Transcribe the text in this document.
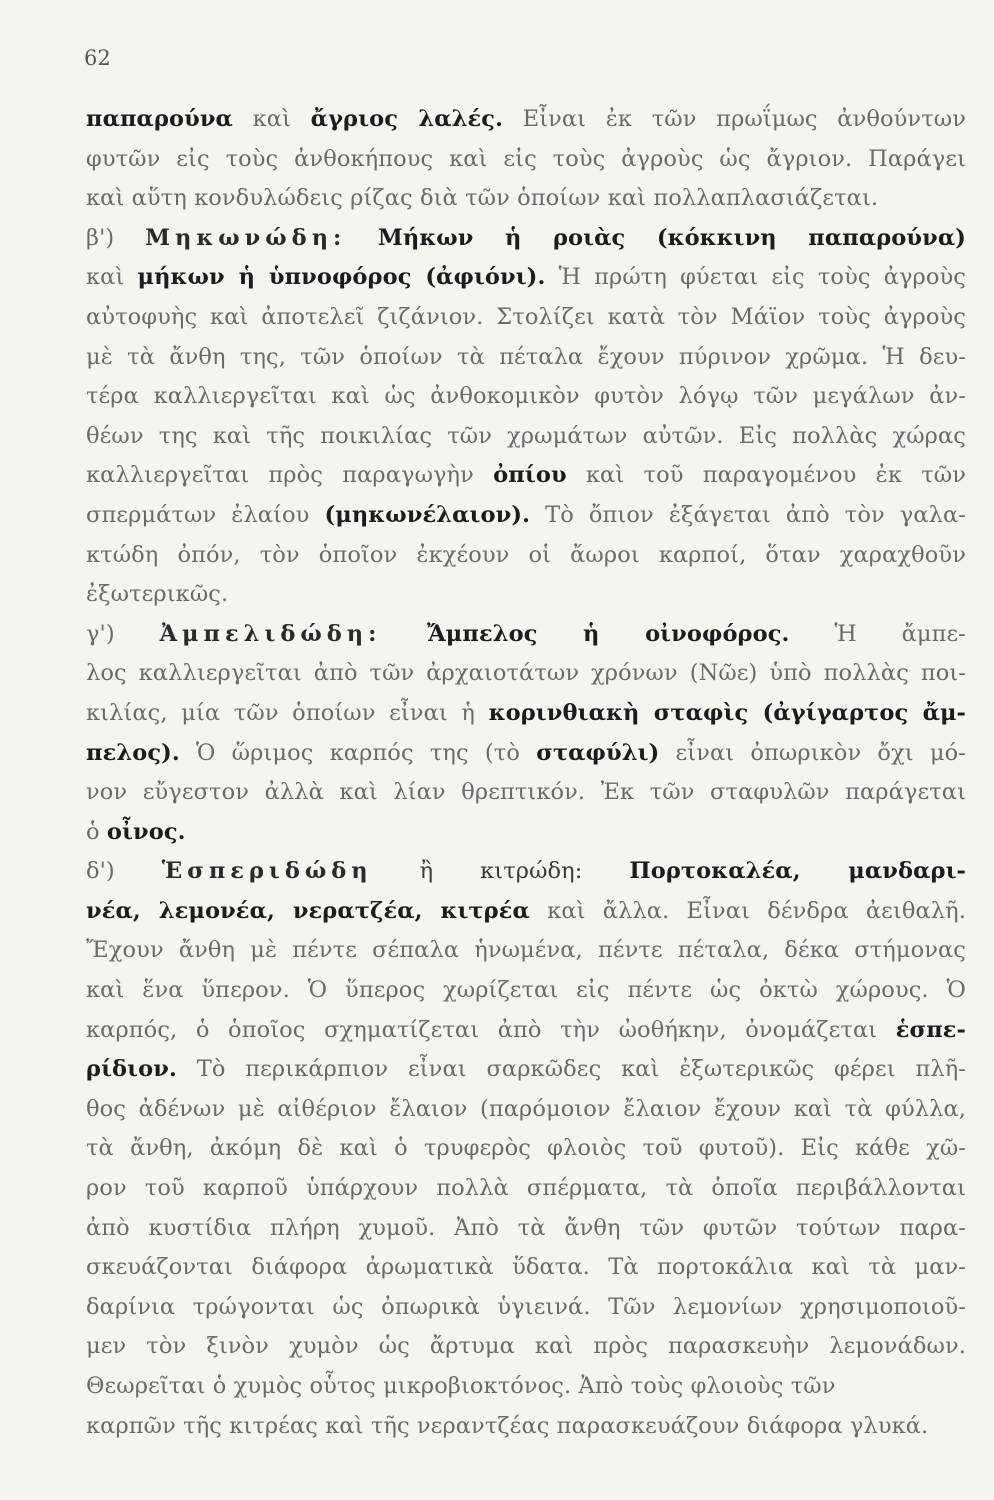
62
παπαρούνα καὶ ἄγριος λαλές. Εἶναι ἐκ τῶν πρωΐμως ἀνθούντων
φυτῶν εἰς τοὺς ἀνθοκήπους καὶ εἰς τοὺς ἀγροὺς ὡς ἄγριον. Παράγει
καὶ αὕτη κονδυλώδεις ρίζας διὰ τῶν ὁποίων καὶ πολλαπλασιάζεται.
β') Μηκωνώδη: Μήκων ἡ ροιὰς (κόκκινη παπαρούνα)
καὶ μήκων ἡ ὑπνοφόρος (ἀφιόνι). Ἡ πρώτη φύεται εἰς τοὺς ἀγροὺς
αὐτοφυὴς καὶ ἀποτελεῖ ζιζάνιον. Στολίζει κατὰ τὸν Μάϊον τοὺς ἀγροὺς
μὲ τὰ ἄνθη της, τῶν ὁποίων τὰ πέταλα ἔχουν πύρινον χρῶμα. Ἡ δευ-
τέρα καλλιεργεῖται καὶ ὡς ἀνθοκομικὸν φυτὸν λόγῳ τῶν μεγάλων ἀν-
θέων της καὶ τῆς ποικιλίας τῶν χρωμάτων αὐτῶν. Εἰς πολλὰς χώρας
καλλιεργεῖται πρὸς παραγωγὴν ὀπίου καὶ τοῦ παραγομένου ἐκ τῶν
σπερμάτων ἐλαίου (μηκωνέλαιον). Τὸ ὄπιον ἐξάγεται ἀπὸ τὸν γαλα-
κτώδη ὀπόν, τὸν ὁποῖον ἐκχέουν οἱ ἄωροι καρποί, ὅταν χαραχθοῦν
ἐξωτερικῶς.
γ') Ἀμπελιδώδη: Ἄμπελος ἡ οἰνοφόρος. Ἡ ἄμπε-
λος καλλιεργεῖται ἀπὸ τῶν ἀρχαιοτάτων χρόνων (Νῶε) ὑπὸ πολλὰς ποι-
κιλίας, μία τῶν ὁποίων εἶναι ἡ κορινθιακὴ σταφὶς (ἀγίγαρτος ἄμ-
πελος). Ὁ ὥριμος καρπός της (τὸ σταφύλι) εἶναι ὀπωρικὸν ὄχι μό-
νον εὔγεστον ἀλλὰ καὶ λίαν θρεπτικόν. Ἐκ τῶν σταφυλῶν παράγεται
ὁ οἶνος.
δ') Ἑσπεριδώδη ἢ κιτρώδη: Πορτοκαλέα, μανδαρι-
νέα, λεμονέα, νερατζέα, κιτρέα καὶ ἄλλα. Εἶναι δένδρα ἀειθαλῆ.
Ἔχουν ἄνθη μὲ πέντε σέπαλα ἡνωμένα, πέντε πέταλα, δέκα στήμονας
καὶ ἕνα ὕπερον. Ὁ ὕπερος χωρίζεται εἰς πέντε ὡς ὀκτὼ χώρους. Ὁ
καρπός, ὁ ὁποῖος σχηματίζεται ἀπὸ τὴν ὠοθήκην, ὀνομάζεται ἑσπε-
ρίδιον. Τὸ περικάρπιον εἶναι σαρκῶδες καὶ ἐξωτερικῶς φέρει πλῆ-
θος ἀδένων μὲ αἰθέριον ἔλαιον (παρόμοιον ἔλαιον ἔχουν καὶ τὰ φύλλα,
τὰ ἄνθη, ἀκόμη δὲ καὶ ὁ τρυφερὸς φλοιὸς τοῦ φυτοῦ). Εἰς κάθε χῶ-
ρον τοῦ καρποῦ ὑπάρχουν πολλὰ σπέρματα, τὰ ὁποῖα περιβάλλονται
ἀπὸ κυστίδια πλήρη χυμοῦ. Ἀπὸ τὰ ἄνθη τῶν φυτῶν τούτων παρα-
σκευάζονται διάφορα ἀρωματικὰ ὕδατα. Τὰ πορτοκάλια καὶ τὰ μαν-
δαρίνια τρώγονται ὡς ὀπωρικὰ ὑγιεινά. Τῶν λεμονίων χρησιμοποιοῦ-
μεν τὸν ξινὸν χυμὸν ὡς ἄρτυμα καὶ πρὸς παρασκευὴν λεμονάδων.
Θεωρεῖται ὁ χυμὸς οὗτος μικροβιοκτόνος. Ἀπὸ τοὺς φλοιοὺς τῶν
καρπῶν τῆς κιτρέας καὶ τῆς νεραντζέας παρασκευάζουν διάφορα γλυκά.
